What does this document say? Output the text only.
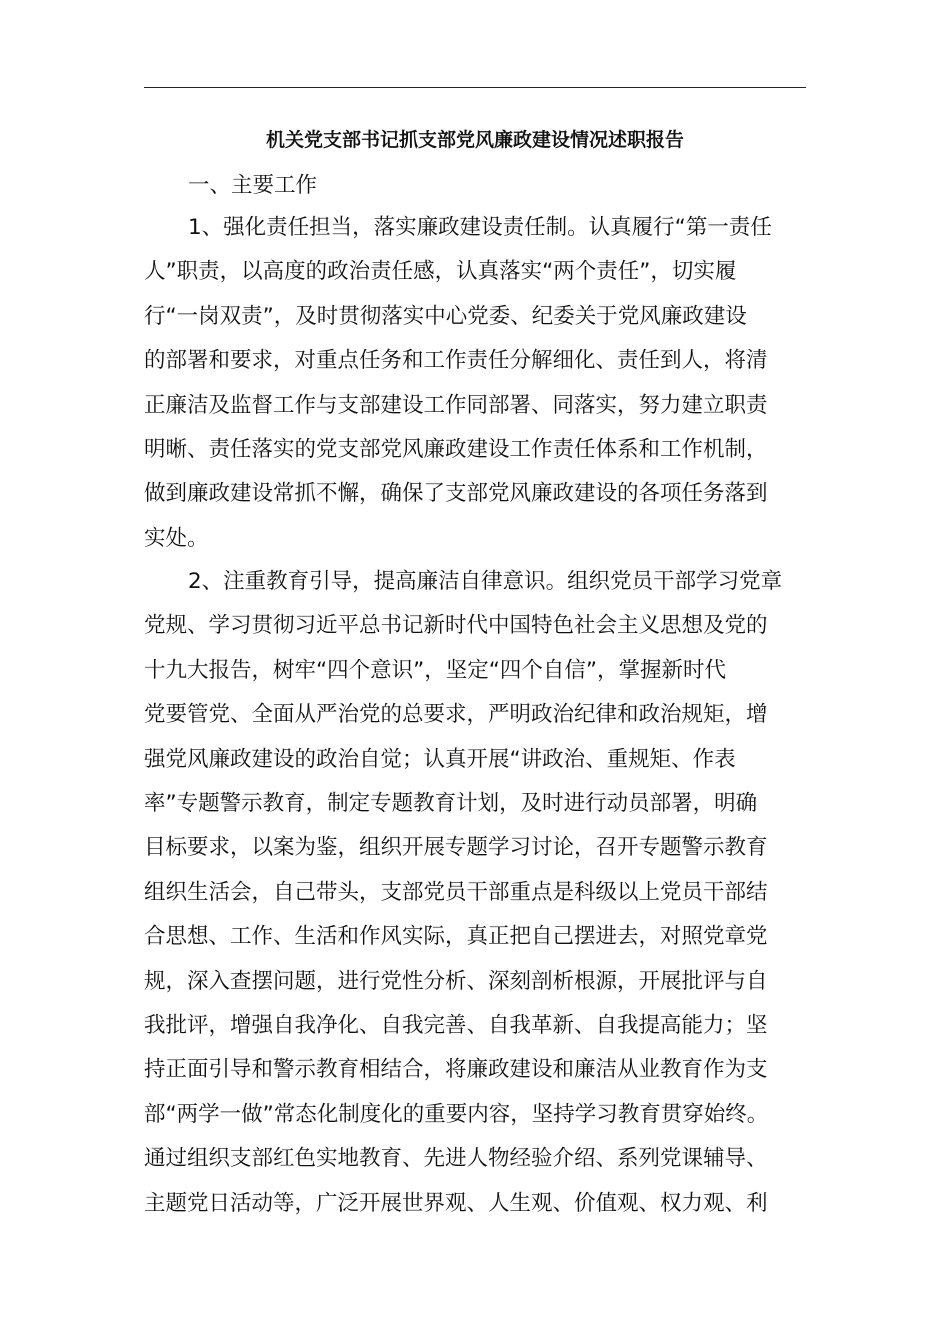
机关党支部书记抓支部党风廉政建设情况述职报告

一、主要工作

1、强化责任担当，落实廉政建设责任制。认真履行“第一责任
人”职责，以高度的政治责任感，认真落实“两个责任”，切实履
行“一岗双责”，及时贯彻落实中心党委、纪委关于党风廉政建设
的部署和要求，对重点任务和工作责任分解细化、责任到人，将清
正廉洁及监督工作与支部建设工作同部署、同落实，努力建立职责
明晰、责任落实的党支部党风廉政建设工作责任体系和工作机制，
做到廉政建设常抓不懈，确保了支部党风廉政建设的各项任务落到
实处。

2、注重教育引导，提高廉洁自律意识。组织党员干部学习党章
党规、学习贯彻习近平总书记新时代中国特色社会主义思想及党的
十九大报告，树牢“四个意识”，坚定“四个自信”，掌握新时代
党要管党、全面从严治党的总要求，严明政治纪律和政治规矩，增
强党风廉政建设的政治自觉；认真开展“讲政治、重规矩、作表
率”专题警示教育，制定专题教育计划，及时进行动员部署，明确
目标要求，以案为鉴，组织开展专题学习讨论，召开专题警示教育
组织生活会，自己带头，支部党员干部重点是科级以上党员干部结
合思想、工作、生活和作风实际，真正把自己摆进去，对照党章党
规，深入查摆问题，进行党性分析、深刻剖析根源，开展批评与自
我批评，增强自我净化、自我完善、自我革新、自我提高能力；坚
持正面引导和警示教育相结合，将廉政建设和廉洁从业教育作为支
部“两学一做”常态化制度化的重要内容，坚持学习教育贯穿始终。
通过组织支部红色实地教育、先进人物经验介绍、系列党课辅导、
主题党日活动等，广泛开展世界观、人生观、价值观、权力观、利
